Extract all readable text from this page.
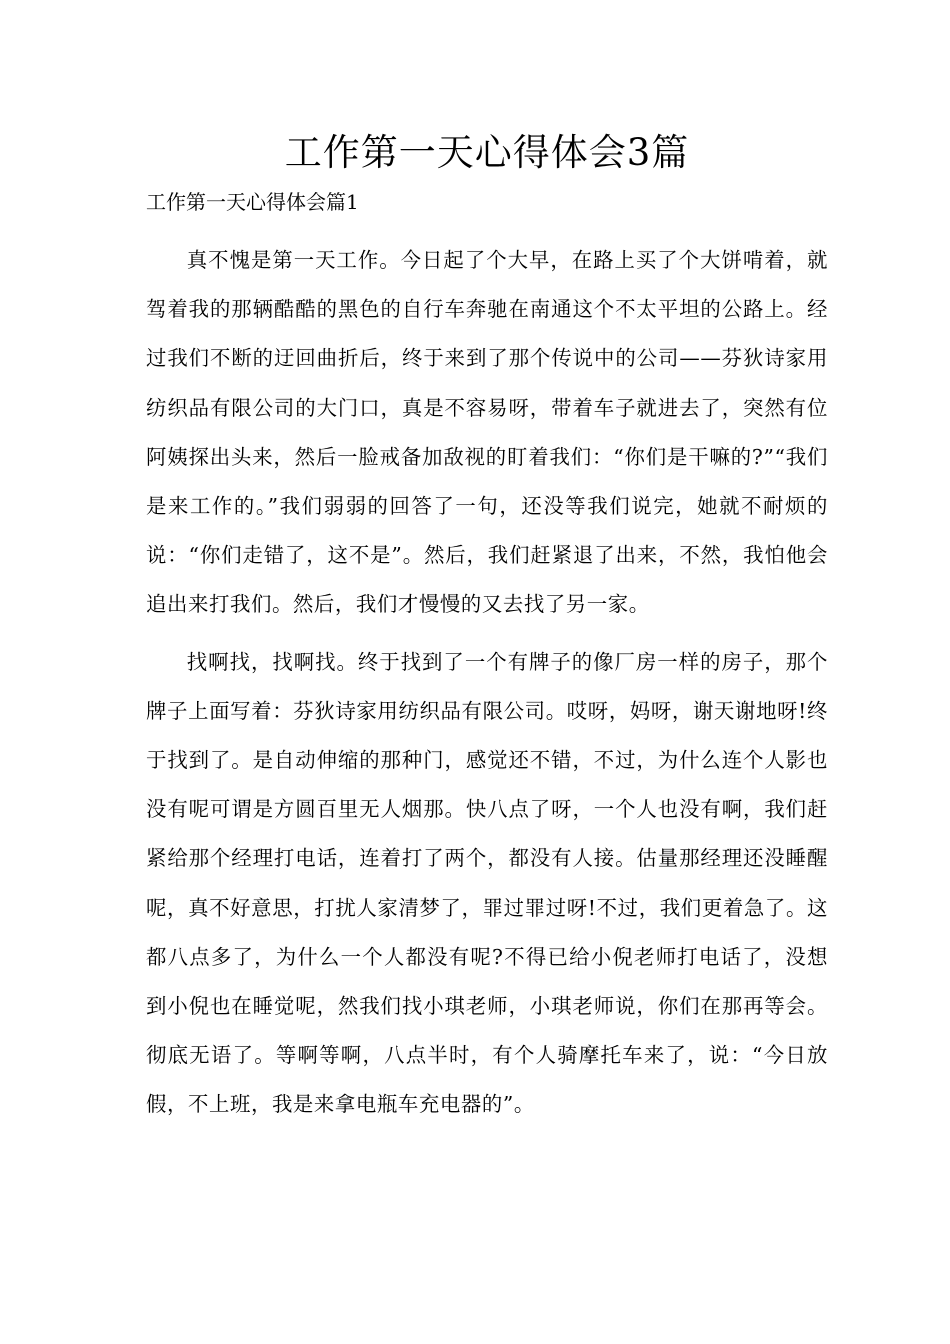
工作第一天心得体会3篇
工作第一天心得体会篇1

真不愧是第一天工作。今日起了个大早，在路上买了个大饼啃着，就驾着我的那辆酷酷的黑色的自行车奔驰在南通这个不太平坦的公路上。经过我们不断的迂回曲折后，终于来到了那个传说中的公司——芬狄诗家用纺织品有限公司的大门口，真是不容易呀，带着车子就进去了，突然有位阿姨探出头来，然后一脸戒备加敌视的盯着我们：“你们是干嘛的?”“我们是来工作的。”我们弱弱的回答了一句，还没等我们说完，她就不耐烦的说：“你们走错了，这不是”。然后，我们赶紧退了出来，不然，我怕他会追出来打我们。然后，我们才慢慢的又去找了另一家。

找啊找，找啊找。终于找到了一个有牌子的像厂房一样的房子，那个牌子上面写着：芬狄诗家用纺织品有限公司。哎呀，妈呀，谢天谢地呀!终于找到了。是自动伸缩的那种门，感觉还不错，不过，为什么连个人影也没有呢可谓是方圆百里无人烟那。快八点了呀，一个人也没有啊，我们赶紧给那个经理打电话，连着打了两个，都没有人接。估量那经理还没睡醒呢，真不好意思，打扰人家清梦了，罪过罪过呀!不过，我们更着急了。这都八点多了，为什么一个人都没有呢?不得已给小倪老师打电话了，没想到小倪也在睡觉呢，然我们找小琪老师，小琪老师说，你们在那再等会。彻底无语了。等啊等啊，八点半时，有个人骑摩托车来了，说：“今日放假，不上班，我是来拿电瓶车充电器的”。
